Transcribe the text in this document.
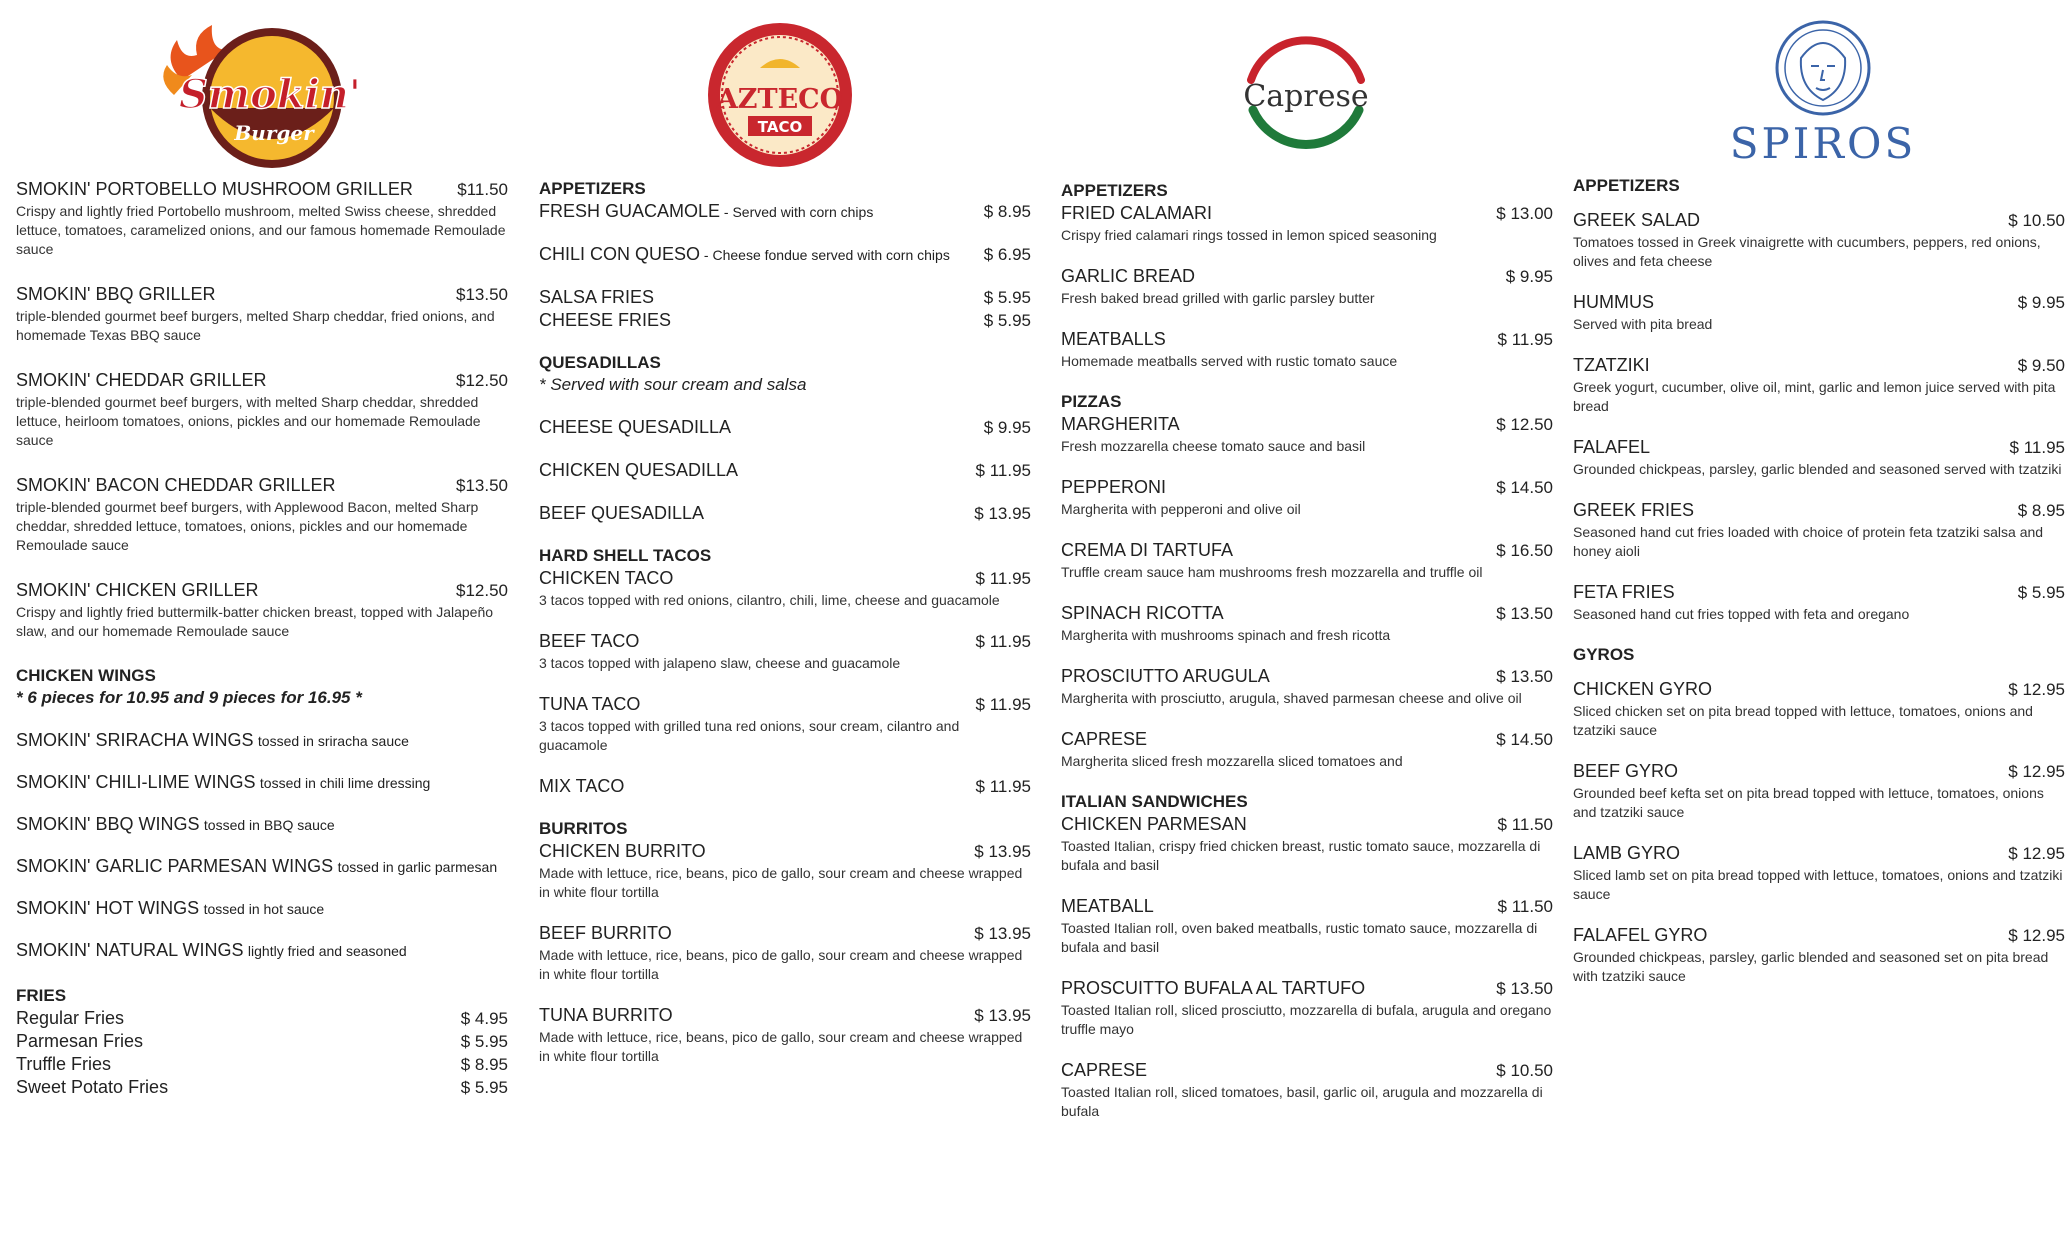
Smokin'
Burger
SMOKIN' PORTOBELLO MUSHROOM GRILLER	$11.50
Crispy and lightly fried Portobello mushroom, melted Swiss cheese, shredded lettuce, tomatoes, caramelized onions, and our famous homemade Remoulade sauce
SMOKIN' BBQ GRILLER	$13.50
triple-blended gourmet beef burgers, melted Sharp cheddar, fried onions, and homemade Texas BBQ sauce
SMOKIN' CHEDDAR GRILLER	$12.50
triple-blended gourmet beef burgers, with melted Sharp cheddar, shredded lettuce, heirloom tomatoes, onions, pickles and our homemade Remoulade sauce
SMOKIN' BACON CHEDDAR GRILLER	$13.50
triple-blended gourmet beef burgers, with Applewood Bacon, melted Sharp cheddar, shredded lettuce, tomatoes, onions, pickles and our homemade Remoulade sauce
SMOKIN' CHICKEN GRILLER	$12.50
Crispy and lightly fried buttermilk-batter chicken breast, topped with Jalapeño slaw, and our homemade Remoulade sauce
CHICKEN WINGS
* 6 pieces for 10.95 and 9 pieces for 16.95 *
SMOKIN' SRIRACHA WINGS tossed in sriracha sauce
SMOKIN' CHILI-LIME WINGS tossed in chili lime dressing
SMOKIN' BBQ WINGS tossed in BBQ sauce
SMOKIN' GARLIC PARMESAN WINGS tossed in garlic parmesan
SMOKIN' HOT WINGS tossed in hot sauce
SMOKIN' NATURAL WINGS lightly fried and seasoned
FRIES
Regular Fries	$ 4.95
Parmesan Fries	$ 5.95
Truffle Fries	$ 8.95
Sweet Potato Fries	$ 5.95
AZTECO
TACO
APPETIZERS
FRESH GUACAMOLE - Served with corn chips	$ 8.95
CHILI CON QUESO - Cheese fondue served with corn chips $ 6.95
SALSA FRIES	$ 5.95
CHEESE FRIES	$ 5.95
QUESADILLAS
* Served with sour cream and salsa
CHEESE QUESADILLA	$ 9.95
CHICKEN QUESADILLA	$ 11.95
BEEF QUESADILLA	$ 13.95
HARD SHELL TACOS
CHICKEN TACO	$ 11.95
3 tacos topped with red onions, cilantro, chili, lime, cheese and guacamole
BEEF TACO	$ 11.95
3 tacos topped with jalapeno slaw, cheese and guacamole
TUNA TACO	$ 11.95
3 tacos topped with grilled tuna red onions, sour cream, cilantro and guacamole
MIX TACO	$ 11.95
BURRITOS
CHICKEN BURRITO	$ 13.95
Made with lettuce, rice, beans, pico de gallo, sour cream and cheese wrapped in white flour tortilla
BEEF BURRITO	$ 13.95
Made with lettuce, rice, beans, pico de gallo, sour cream and cheese wrapped in white flour tortilla
TUNA BURRITO	$ 13.95
Made with lettuce, rice, beans, pico de gallo, sour cream and cheese wrapped in white flour tortilla
Caprese
APPETIZERS
FRIED CALAMARI	$ 13.00
Crispy fried calamari rings tossed in lemon spiced seasoning
GARLIC BREAD	$ 9.95
Fresh baked bread grilled with garlic parsley butter
MEATBALLS	$ 11.95
Homemade meatballs served with rustic tomato sauce
PIZZAS
MARGHERITA	$ 12.50
Fresh mozzarella cheese tomato sauce and basil
PEPPERONI	$ 14.50
Margherita with pepperoni and olive oil
CREMA DI TARTUFA	$ 16.50
Truffle cream sauce ham mushrooms fresh mozzarella and truffle oil
SPINACH RICOTTA	$ 13.50
Margherita with mushrooms spinach and fresh ricotta
PROSCIUTTO ARUGULA	$ 13.50
Margherita with prosciutto, arugula, shaved parmesan cheese and olive oil
CAPRESE	$ 14.50
Margherita sliced fresh mozzarella sliced tomatoes and
ITALIAN SANDWICHES
CHICKEN PARMESAN	$ 11.50
Toasted Italian, crispy fried chicken breast, rustic tomato sauce, mozzarella di bufala and basil
MEATBALL	$ 11.50
Toasted Italian roll, oven baked meatballs, rustic tomato sauce, mozzarella di bufala and basil
PROSCUITTO BUFALA AL TARTUFO	$ 13.50
Toasted Italian roll, sliced prosciutto, mozzarella di bufala, arugula and oregano truffle mayo
CAPRESE	$ 10.50
Toasted Italian roll, sliced tomatoes, basil, garlic oil, arugula and mozzarella di bufala
SPIROS
APPETIZERS
GREEK SALAD	$ 10.50
Tomatoes tossed in Greek vinaigrette with cucumbers, peppers, red onions, olives and feta cheese
HUMMUS	$ 9.95
Served with pita bread
TZATZIKI	$ 9.50
Greek yogurt, cucumber, olive oil, mint, garlic and lemon juice served with pita bread
FALAFEL	$ 11.95
Grounded chickpeas, parsley, garlic blended and seasoned served with tzatziki
GREEK FRIES	$ 8.95
Seasoned hand cut fries loaded with choice of protein feta tzatziki salsa and honey aioli
FETA FRIES	$ 5.95
Seasoned hand cut fries topped with feta and oregano
GYROS
CHICKEN GYRO	$ 12.95
Sliced chicken set on pita bread topped with lettuce, tomatoes, onions and tzatziki sauce
BEEF GYRO	$ 12.95
Grounded beef kefta set on pita bread topped with lettuce, tomatoes, onions and tzatziki sauce
LAMB GYRO	$ 12.95
Sliced lamb set on pita bread topped with lettuce, tomatoes, onions and tzatziki sauce
FALAFEL GYRO	$ 12.95
Grounded chickpeas, parsley, garlic blended and seasoned set on pita bread with tzatziki sauce
